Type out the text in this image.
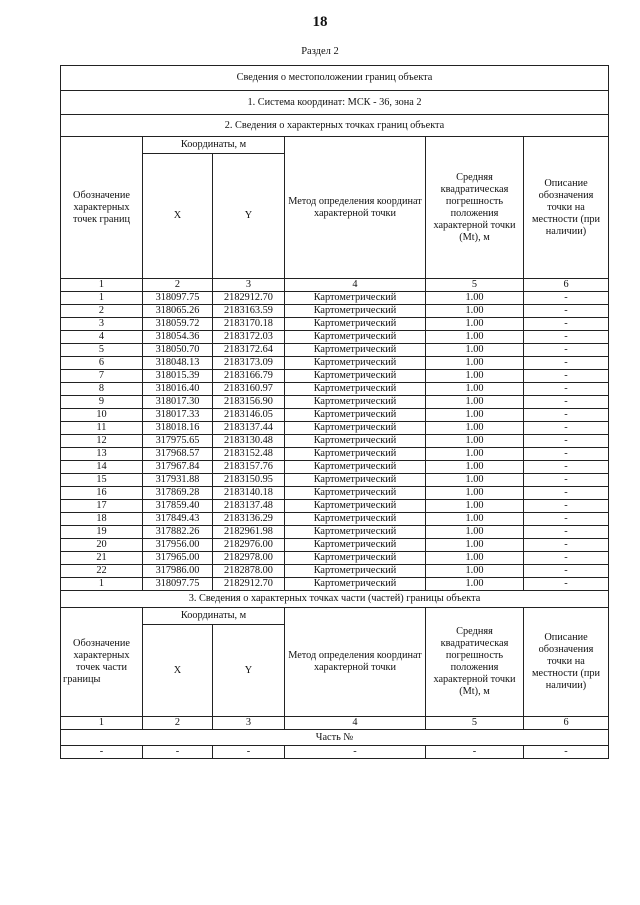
18
Раздел 2
Сведения о местоположении границ объекта					
1. Система координат: МСК - 36, зона 2					
2. Сведения о характерных точках границ объекта					
Обозначение характерных точек границ	Координаты, м		Метод определения координат характерной точки	Средняя квадратическая погрешность положения характерной точки (Mt), м	Описание обозначения точки на местности (при наличии)
	X	Y			
1	2	3	4	5	6
1	318097.75	2182912.70	Картометрический	1.00	-
2	318065.26	2183163.59	Картометрический	1.00	-
3	318059.72	2183170.18	Картометрический	1.00	-
4	318054.36	2183172.03	Картометрический	1.00	-
5	318050.70	2183172.64	Картометрический	1.00	-
6	318048.13	2183173.09	Картометрический	1.00	-
7	318015.39	2183166.79	Картометрический	1.00	-
8	318016.40	2183160.97	Картометрический	1.00	-
9	318017.30	2183156.90	Картометрический	1.00	-
10	318017.33	2183146.05	Картометрический	1.00	-
11	318018.16	2183137.44	Картометрический	1.00	-
12	317975.65	2183130.48	Картометрический	1.00	-
13	317968.57	2183152.48	Картометрический	1.00	-
14	317967.84	2183157.76	Картометрический	1.00	-
15	317931.88	2183150.95	Картометрический	1.00	-
16	317869.28	2183140.18	Картометрический	1.00	-
17	317859.40	2183137.48	Картометрический	1.00	-
18	317849.43	2183136.29	Картометрический	1.00	-
19	317882.26	2182961.98	Картометрический	1.00	-
20	317956.00	2182976.00	Картометрический	1.00	-
21	317965.00	2182978.00	Картометрический	1.00	-
22	317986.00	2182878.00	Картометрический	1.00	-
1	318097.75	2182912.70	Картометрический	1.00	-
3. Сведения о характерных точках части (частей) границы объекта					
Обозначение характерных точек части границы	Координаты, м		Метод определения координат характерной точки	Средняя квадратическая погрешность положения характерной точки (Mt), м	Описание обозначения точки на местности (при наличии)
	X	Y			
1	2	3	4	5	6
Часть №					
-	-	-	-	-	-
